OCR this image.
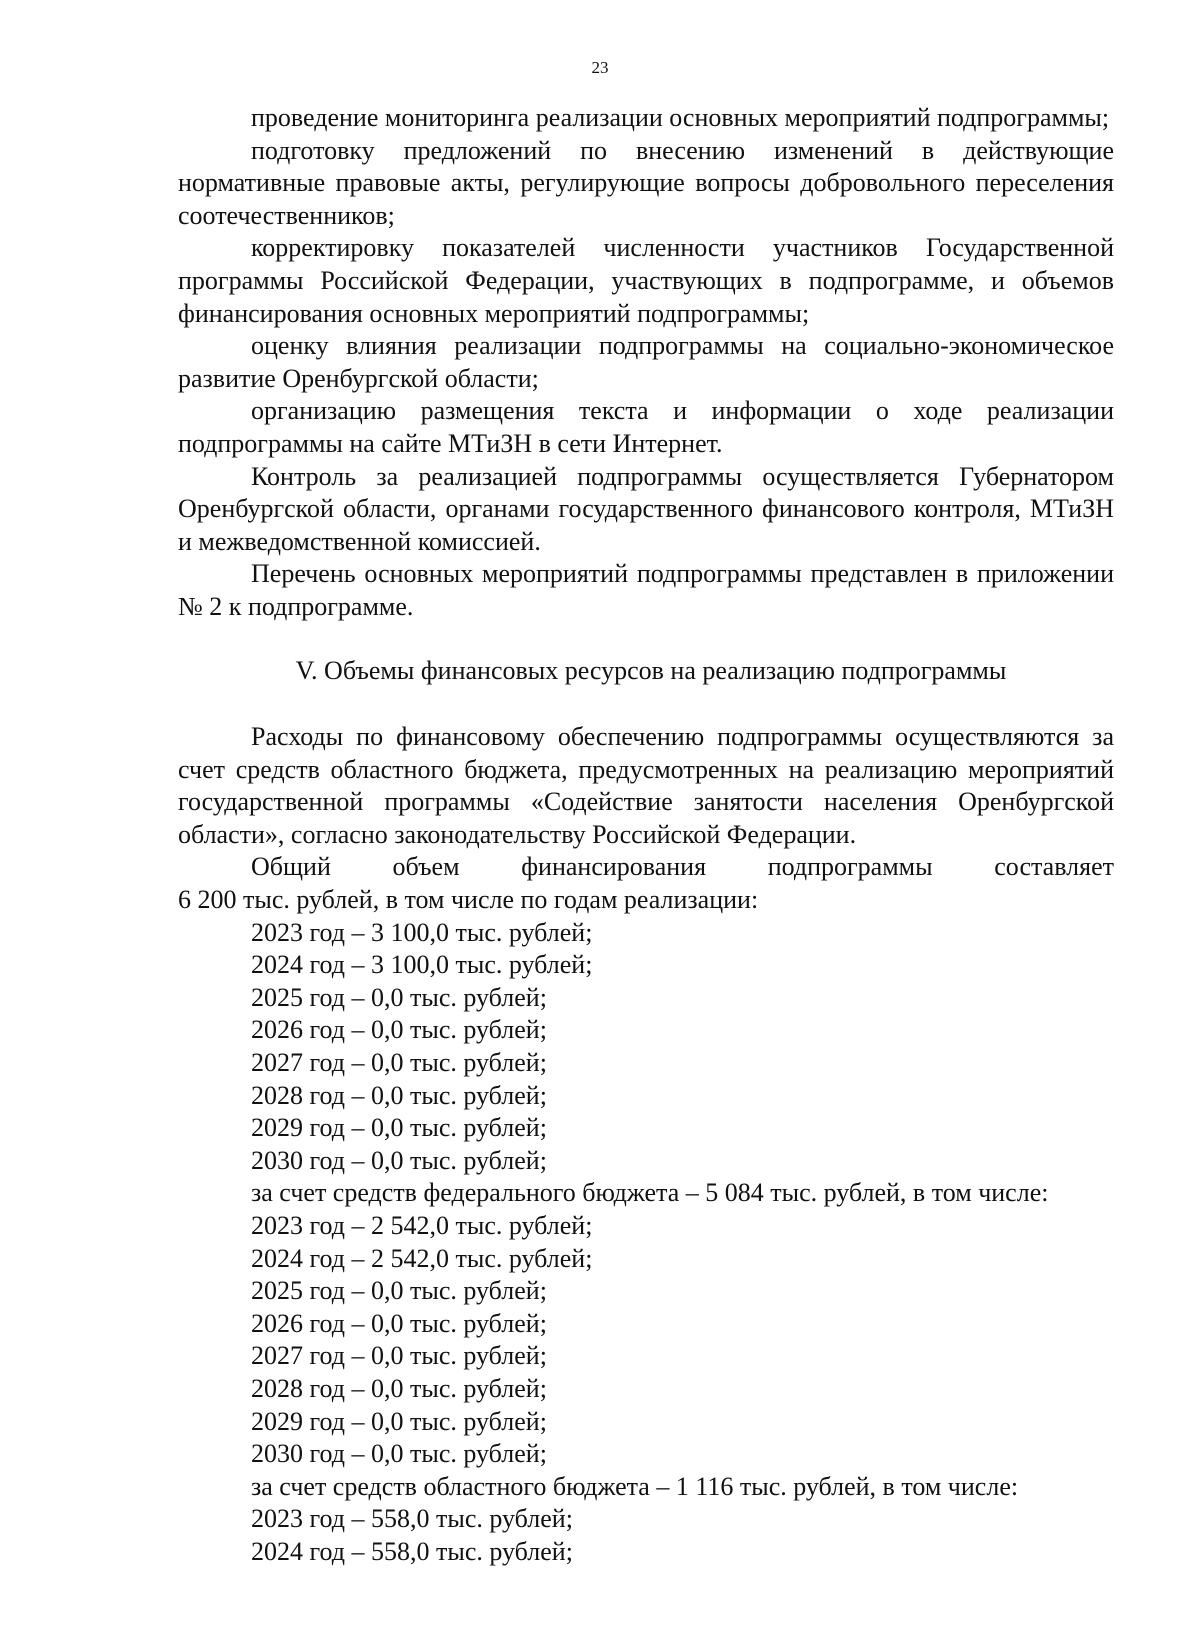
23

проведение мониторинга реализации основных мероприятий подпрограммы;

подготовку предложений по внесению изменений в действующие нормативные правовые акты, регулирующие вопросы добровольного переселения соотечественников;

корректировку показателей численности участников Государственной программы Российской Федерации, участвующих в подпрограмме, и объемов финансирования основных мероприятий подпрограммы;

оценку влияния реализации подпрограммы на социально-экономическое развитие Оренбургской области;

организацию размещения текста и информации о ходе реализации подпрограммы на сайте МТиЗН в сети Интернет.

Контроль за реализацией подпрограммы осуществляется Губернатором Оренбургской области, органами государственного финансового контроля, МТиЗН и межведомственной комиссией.

Перечень основных мероприятий подпрограммы представлен в приложении № 2 к подпрограмме.

V. Объемы финансовых ресурсов на реализацию подпрограммы

Расходы по финансовому обеспечению подпрограммы осуществляются за счет средств областного бюджета, предусмотренных на реализацию мероприятий государственной программы «Содействие занятости населения Оренбургской области», согласно законодательству Российской Федерации.

Общий объем финансирования подпрограммы составляет

6 200 тыс. рублей, в том числе по годам реализации:

2023 год – 3 100,0 тыс. рублей;

2024 год – 3 100,0 тыс. рублей;

2025 год – 0,0 тыс. рублей;

2026 год – 0,0 тыс. рублей;

2027 год – 0,0 тыс. рублей;

2028 год – 0,0 тыс. рублей;

2029 год – 0,0 тыс. рублей;

2030 год – 0,0 тыс. рублей;

за счет средств федерального бюджета – 5 084 тыс. рублей, в том числе:

2023 год – 2 542,0 тыс. рублей;

2024 год – 2 542,0 тыс. рублей;

2025 год – 0,0 тыс. рублей;

2026 год – 0,0 тыс. рублей;

2027 год – 0,0 тыс. рублей;

2028 год – 0,0 тыс. рублей;

2029 год – 0,0 тыс. рублей;

2030 год – 0,0 тыс. рублей;

за счет средств областного бюджета – 1 116 тыс. рублей, в том числе:

2023 год – 558,0 тыс. рублей;

2024 год – 558,0 тыс. рублей;
